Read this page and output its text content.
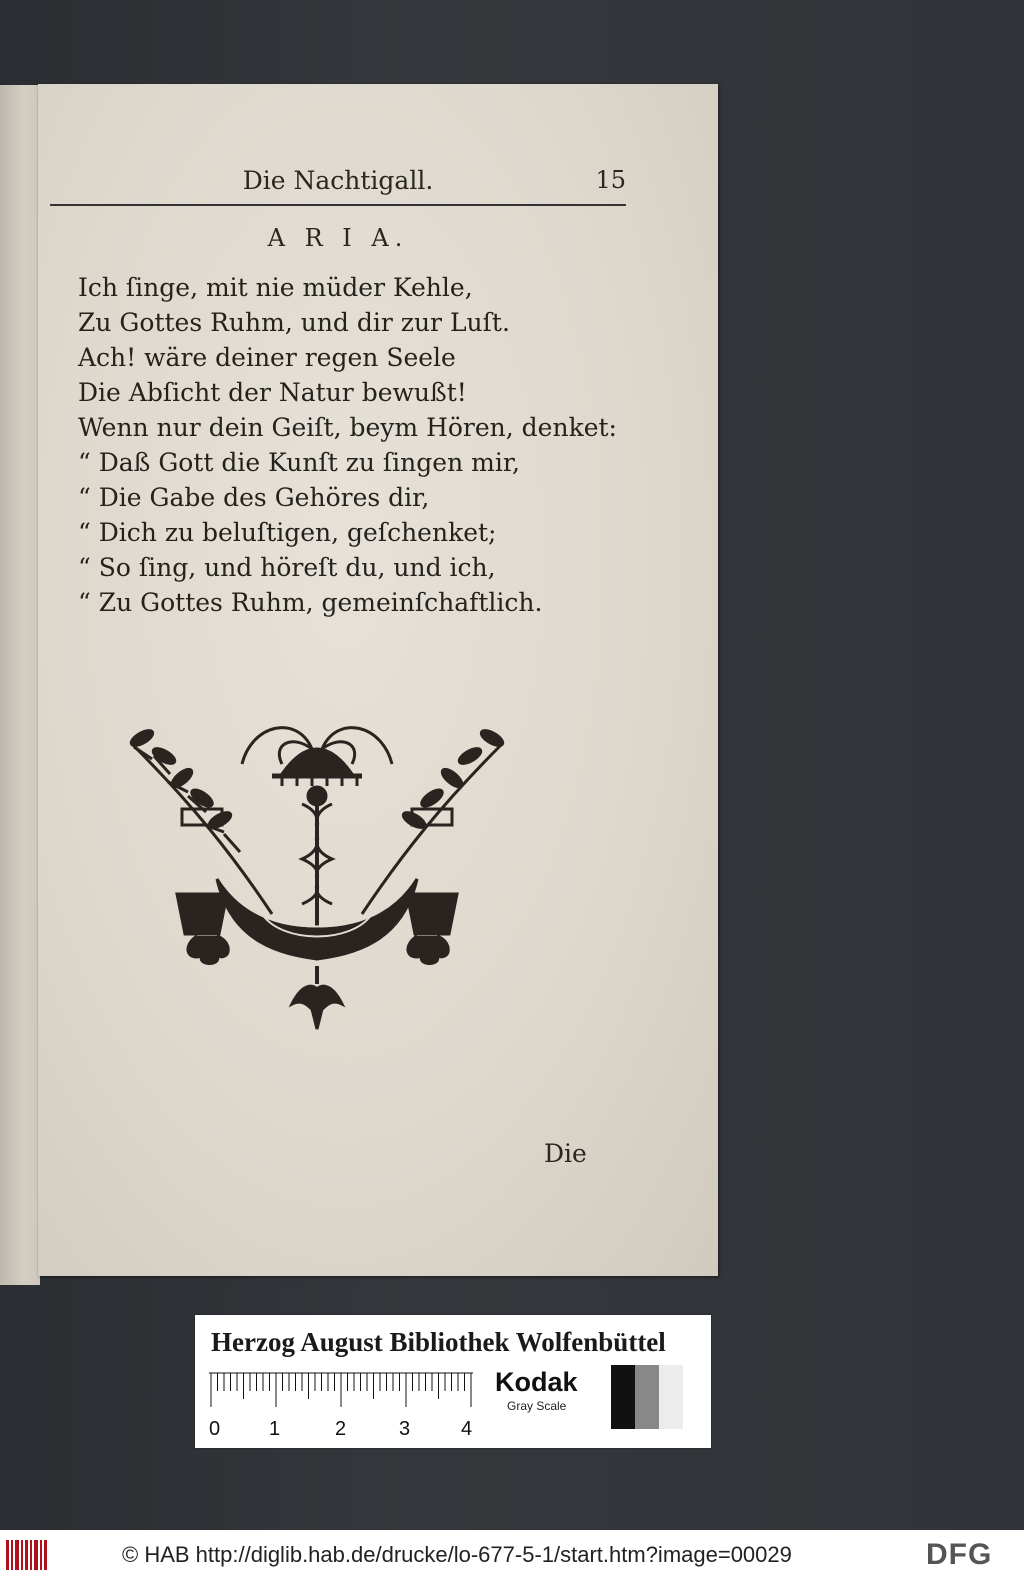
Die Nachtigall.	15
A R I A.
Ich ſinge, mit nie müder Kehle,
Zu Gottes Ruhm, und dir zur Luſt.
Ach! wäre deiner regen Seele
Die Abſicht der Natur bewußt!
Wenn nur dein Geiſt, beym Hören, denket:
“ Daß Gott die Kunſt zu ſingen mir,
“ Die Gabe des Gehöres dir,
“ Dich zu beluſtigen, geſchenket;
“ So ſing, und höreſt du, und ich,
“ Zu Gottes Ruhm, gemeinſchaftlich.
Die
Herzog August Bibliothek Wolfenbüttel
0 1	2	3	4
Kodak
Gray Scale
© HAB http://diglib.hab.de/drucke/lo-677-5-1/start.htm?image=00029	DFG
